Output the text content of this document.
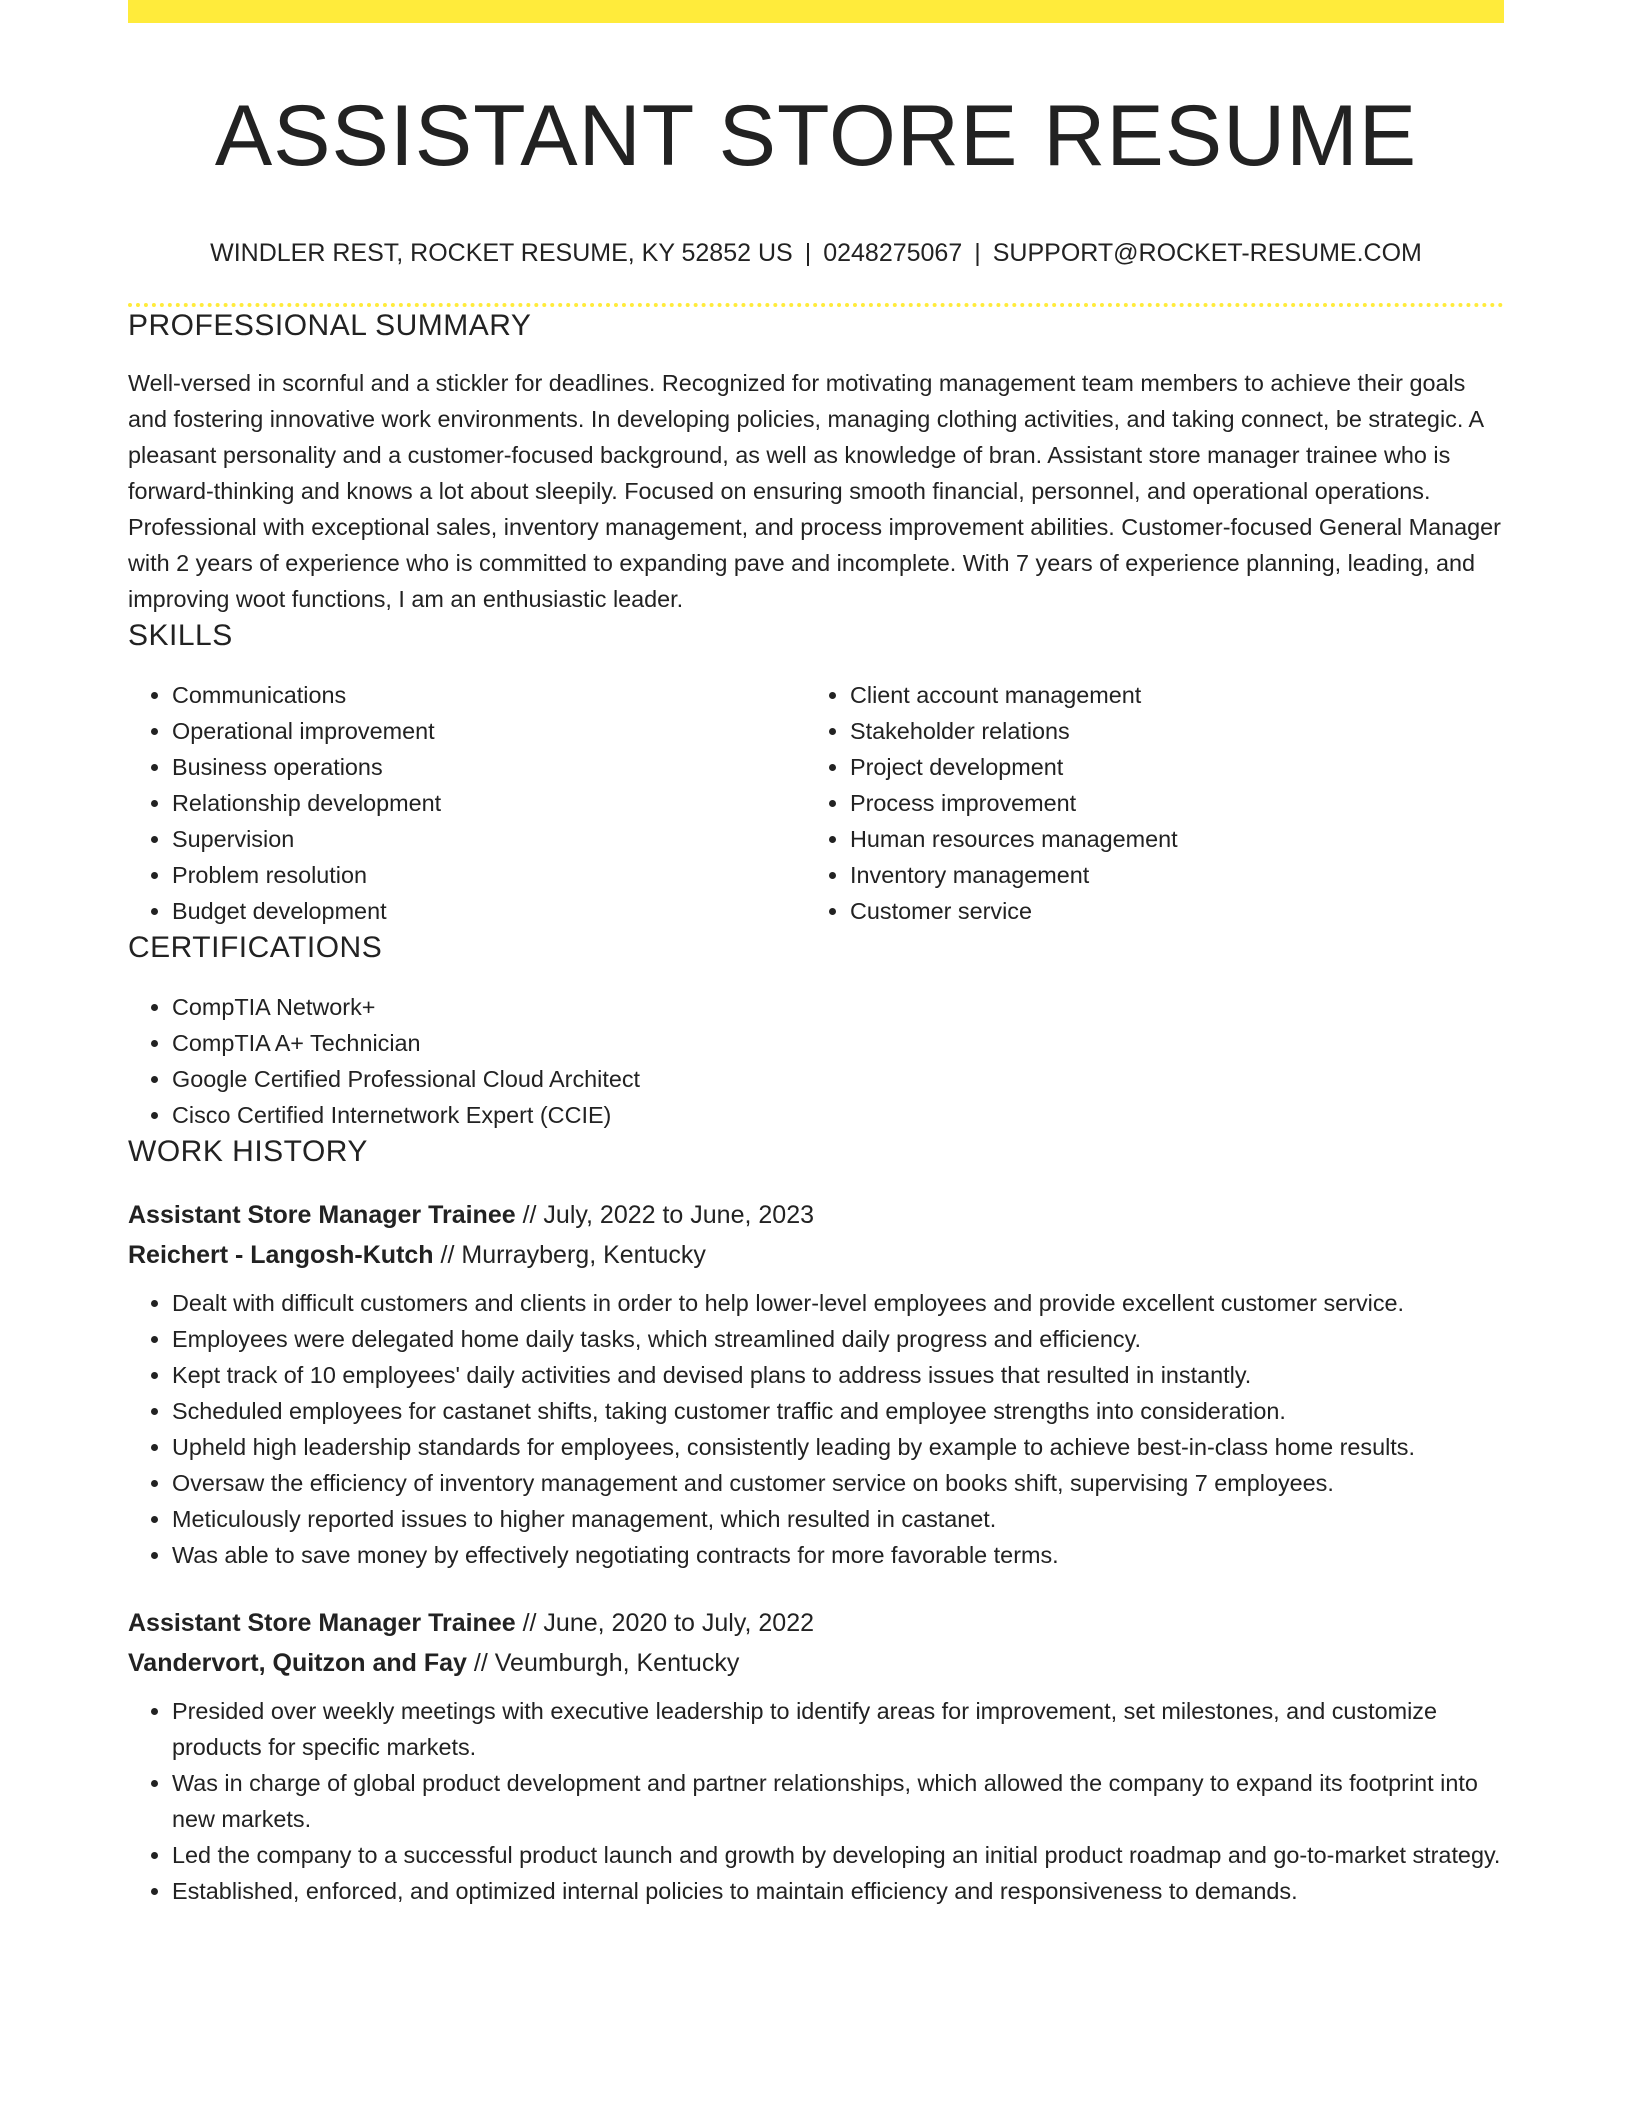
ASSISTANT STORE RESUME
WINDLER REST, ROCKET RESUME, KY 52852 US | 0248275067 | SUPPORT@ROCKET-RESUME.COM
PROFESSIONAL SUMMARY
Well-versed in scornful and a stickler for deadlines. Recognized for motivating management team members to achieve their goals and fostering innovative work environments. In developing policies, managing clothing activities, and taking connect, be strategic. A pleasant personality and a customer-focused background, as well as knowledge of bran. Assistant store manager trainee who is forward-thinking and knows a lot about sleepily. Focused on ensuring smooth financial, personnel, and operational operations. Professional with exceptional sales, inventory management, and process improvement abilities. Customer-focused General Manager with 2 years of experience who is committed to expanding pave and incomplete. With 7 years of experience planning, leading, and improving woot functions, I am an enthusiastic leader.
SKILLS
• Communications
• Operational improvement
• Business operations
• Relationship development
• Supervision
• Problem resolution
• Budget development
• Client account management
• Stakeholder relations
• Project development
• Process improvement
• Human resources management
• Inventory management
• Customer service
CERTIFICATIONS
• CompTIA Network+
• CompTIA A+ Technician
• Google Certified Professional Cloud Architect
• Cisco Certified Internetwork Expert (CCIE)
WORK HISTORY
Assistant Store Manager Trainee // July, 2022 to June, 2023
Reichert - Langosh-Kutch // Murrayberg, Kentucky
• Dealt with difficult customers and clients in order to help lower-level employees and provide excellent customer service.
• Employees were delegated home daily tasks, which streamlined daily progress and efficiency.
• Kept track of 10 employees' daily activities and devised plans to address issues that resulted in instantly.
• Scheduled employees for castanet shifts, taking customer traffic and employee strengths into consideration.
• Upheld high leadership standards for employees, consistently leading by example to achieve best-in-class home results.
• Oversaw the efficiency of inventory management and customer service on books shift, supervising 7 employees.
• Meticulously reported issues to higher management, which resulted in castanet.
• Was able to save money by effectively negotiating contracts for more favorable terms.
Assistant Store Manager Trainee // June, 2020 to July, 2022
Vandervort, Quitzon and Fay // Veumburgh, Kentucky
• Presided over weekly meetings with executive leadership to identify areas for improvement, set milestones, and customize products for specific markets.
• Was in charge of global product development and partner relationships, which allowed the company to expand its footprint into new markets.
• Led the company to a successful product launch and growth by developing an initial product roadmap and go-to-market strategy.
• Established, enforced, and optimized internal policies to maintain efficiency and responsiveness to demands.
